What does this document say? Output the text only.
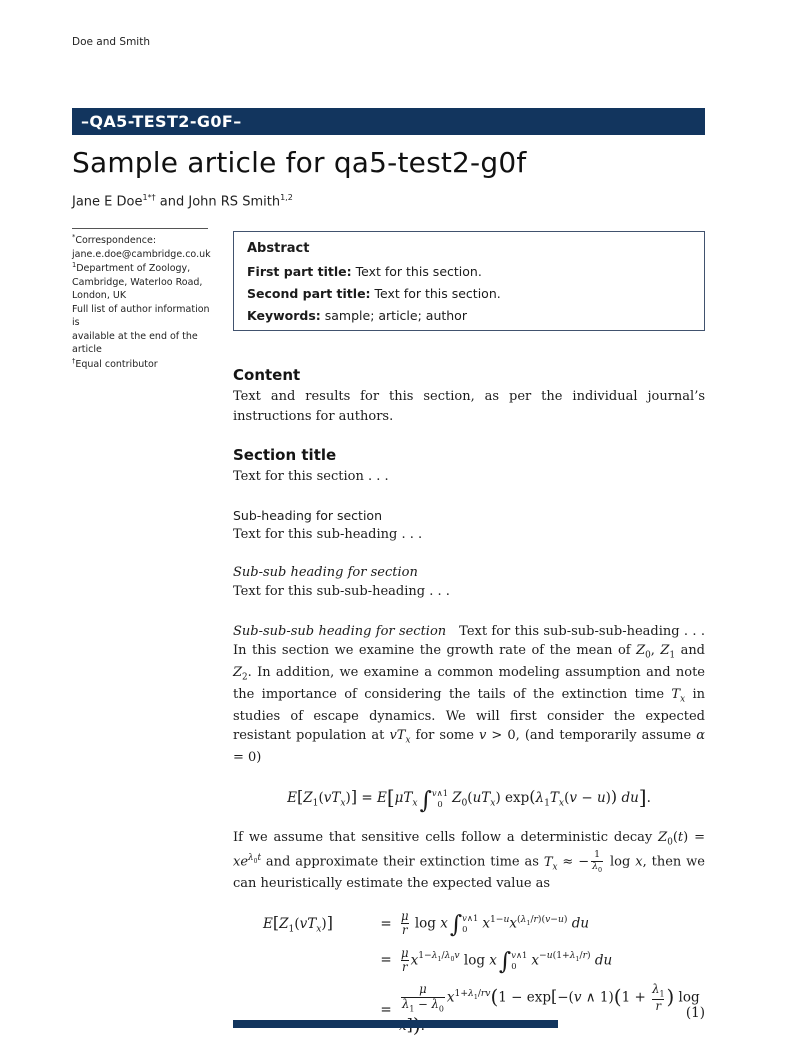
Doe and Smith
–QA5-TEST2-G0F–
Sample article for qa5-test2-g0f
Jane E Doe$^{1*\dagger}$ and John RS Smith$^{1,2}$
*Correspondence:
jane.e.doe@cambridge.co.uk
$^1$Department of Zoology,
Cambridge, Waterloo Road,
London, UK
Full list of author information is
available at the end of the article
†Equal contributor
Abstract
First part title: Text for this section.
Second part title: Text for this section.
Keywords: sample; article; author
Content
Text and results for this section, as per the individual journal’s instructions for authors.
Section title
Text for this section . . .
Sub-heading for section
Text for this sub-heading . . .
Sub-sub heading for section
Text for this sub-sub-heading . . .
Sub-sub-sub heading for section Text for this sub-sub-sub-heading . . . In this section we examine the growth rate of the mean of $Z_0$, $Z_1$ and $Z_2$. In addition, we examine a common modeling assumption and note the importance of considering the tails of the extinction time $T_x$ in studies of escape dynamics. We will first consider the expected resistant population at $vT_x$ for some v > 0, (and temporarily assume α = 0)
$E[Z_1(vT_x)] = E[\mu T_x\int$ v∧1
0 $Z_0(uT_x) \exp(\lambda_1T_x(v - u))$ du].
If we assume that sensitive cells follow a deterministic decay $Z_0(t) = xe^{\lambda_0t}$ and approximate their extinction time as $T_x$ ≈ − $\frac{1}{\lambda_0}$ log x, then we can heuristically estimate the expected value as
$E[Z_1(vT_x)]$	= $\frac{\mu}{r}$ log x∫ v∧1
0	$x^{1-u}x^{(\lambda_1/r)(v-u)}$ du
= $\frac{\mu}{r} x^{1-\lambda_1/\lambda_0v}$ log x∫ v∧1
0	$x^{-u(1+\lambda_1/r)}$ du
= $\frac{\mu}{\lambda_1 - \lambda_0} x^{1+\lambda_1/rv}(1 - \exp[-(v$ ∧ $1)(1 + \frac{\lambda_1}{r}$ ) log
(1)
